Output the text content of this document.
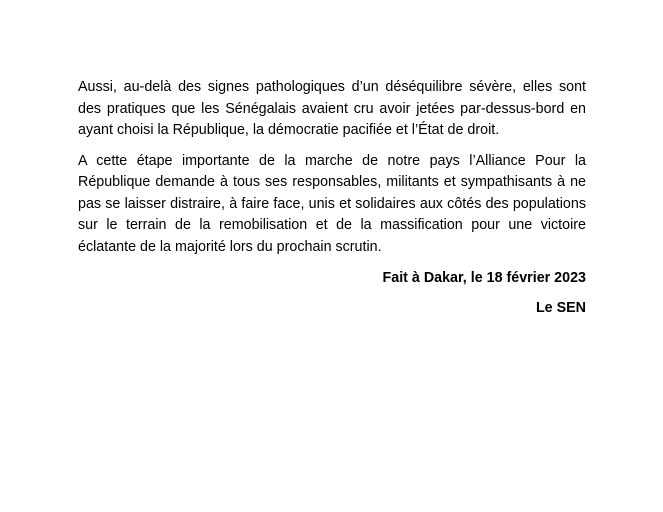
Aussi, au-delà des signes pathologiques d’un déséquilibre sévère, elles sont des pratiques que les Sénégalais avaient cru avoir jetées par-dessus-bord en ayant choisi la République, la démocratie pacifiée et l’État de droit.

A cette étape importante de la marche de notre pays l’Alliance Pour la République demande à tous ses responsables, militants et sympathisants à ne pas se laisser distraire, à faire face, unis et solidaires aux côtés des populations sur le terrain de la remobilisation et de la massification pour une victoire éclatante de la majorité lors du prochain scrutin.

Fait à Dakar, le 18 février 2023

Le SEN
